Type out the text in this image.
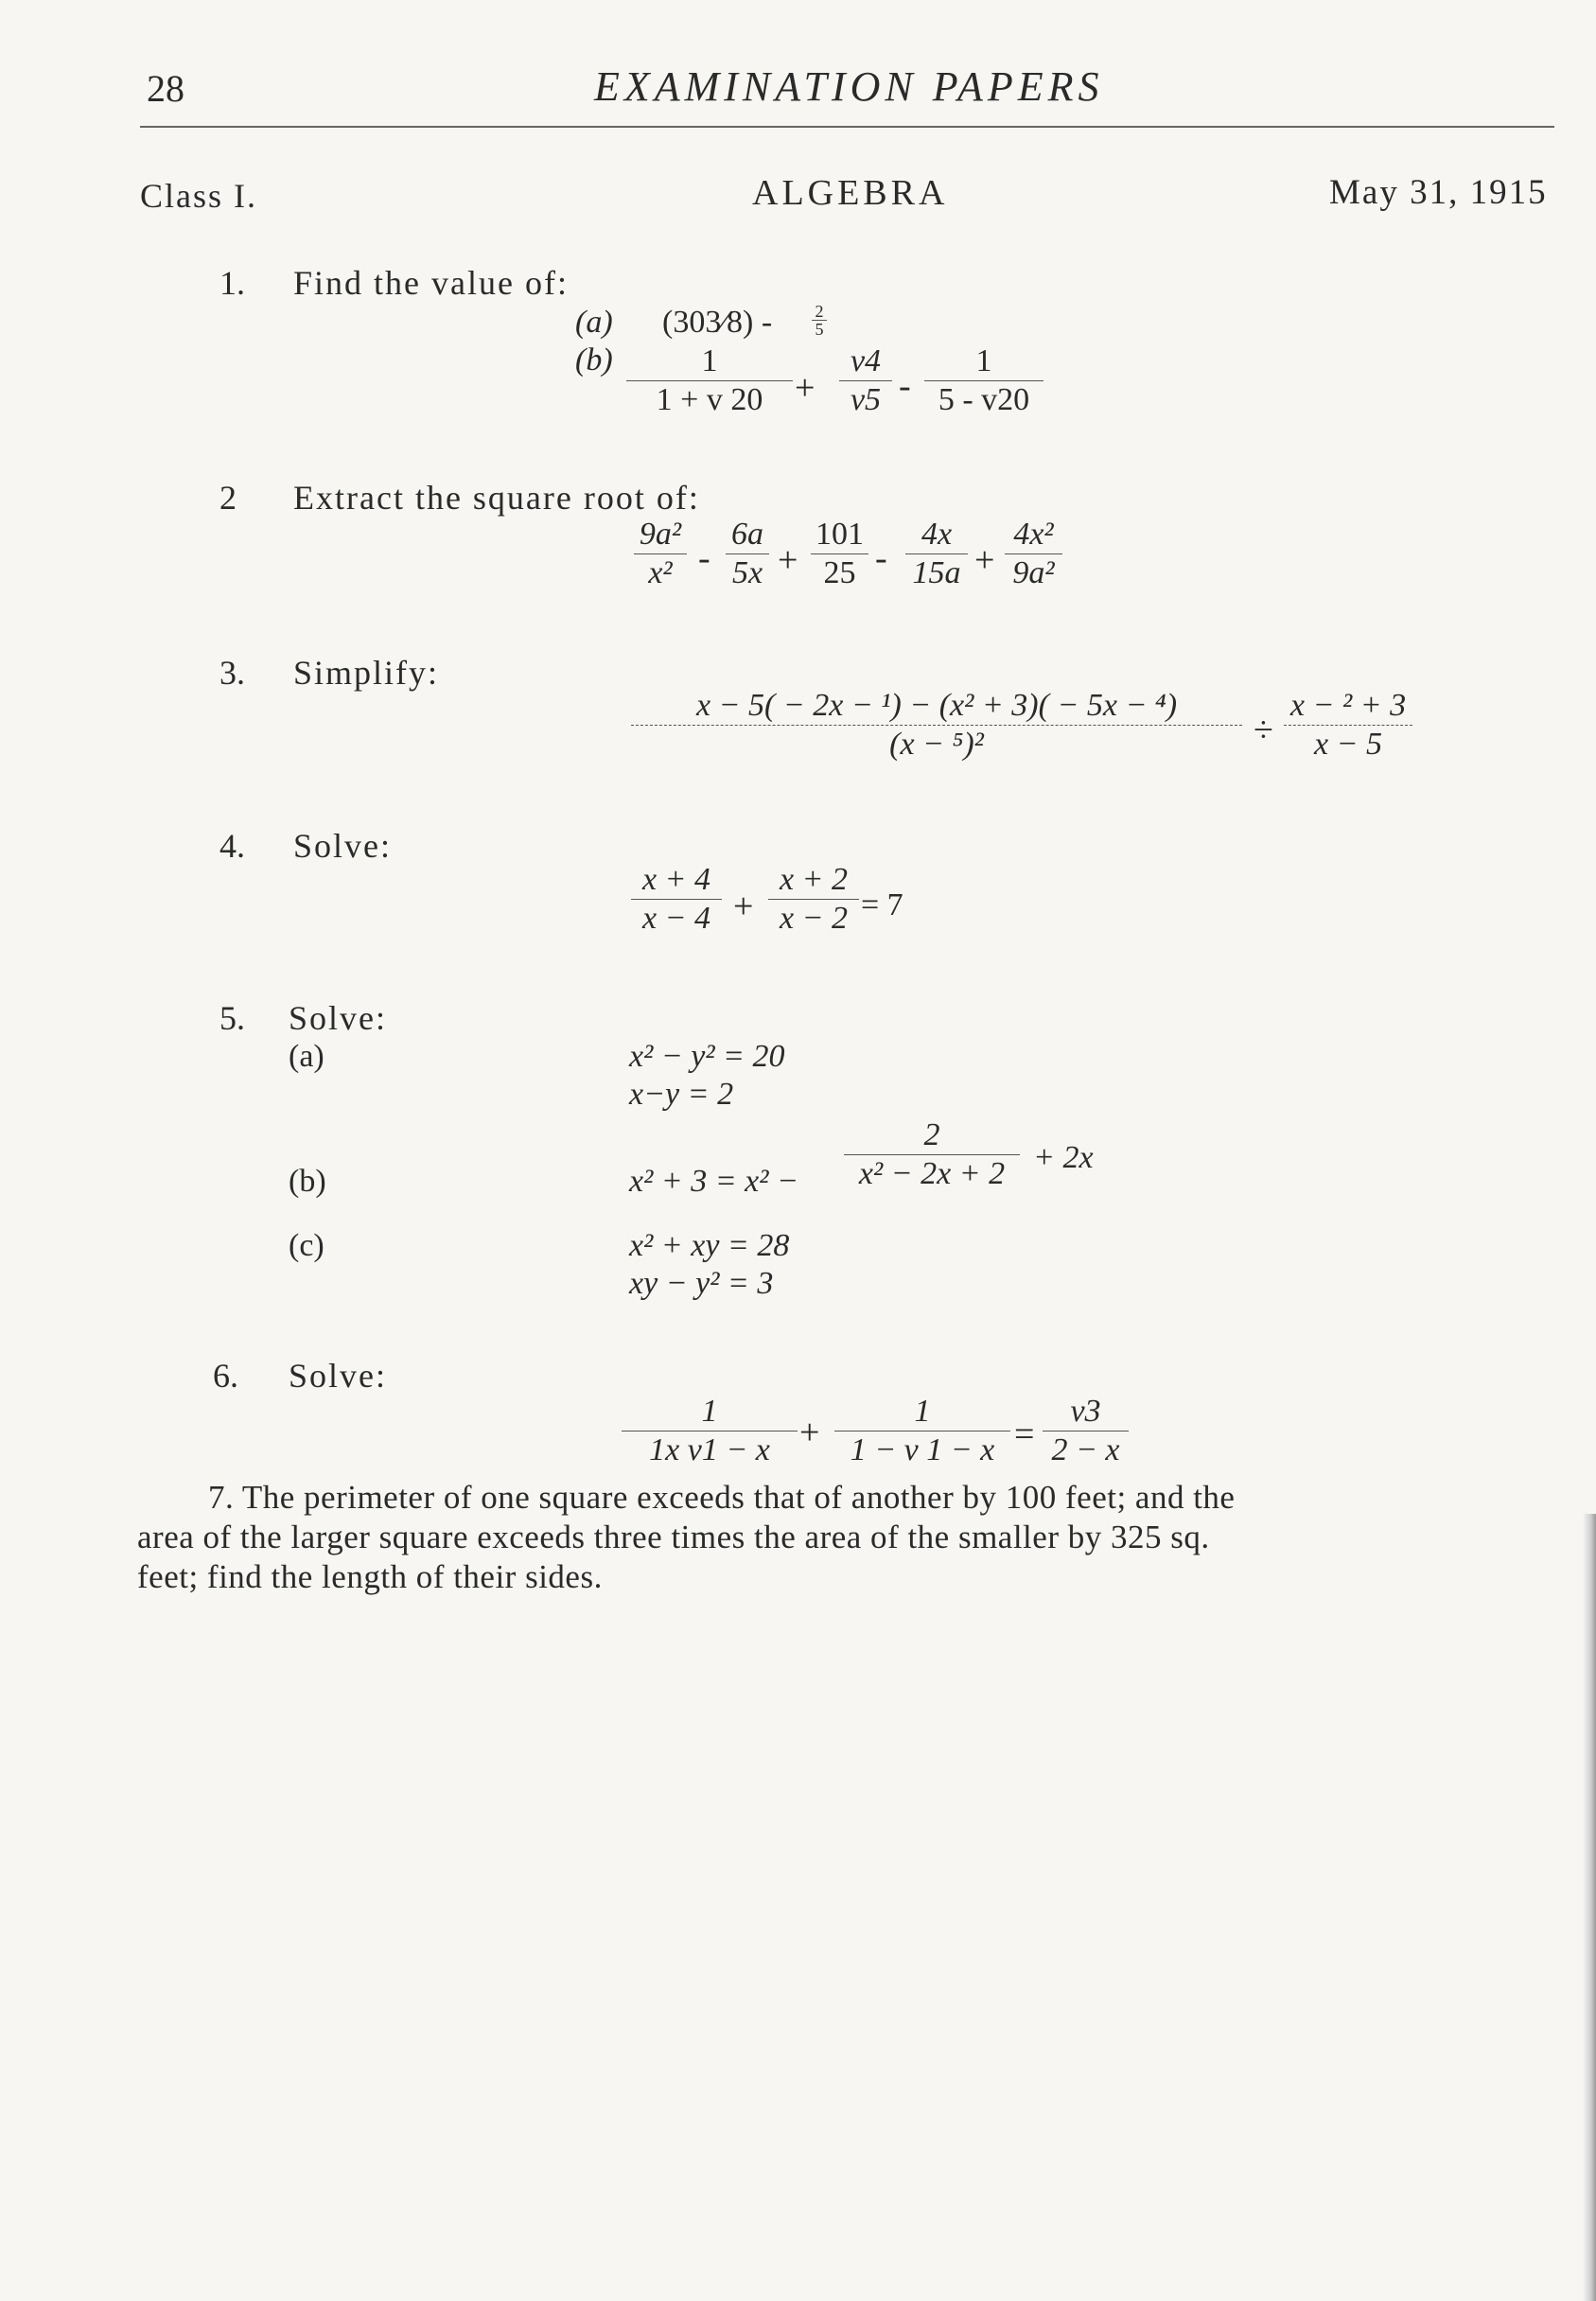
28	EXAMINATION PAPERS
Class I.	ALGEBRA	May 31, 1915
1. Find the value of:
(a) (303⁄8) -	2
5
(b)	1
1 + v 20 +
v4
v5 -
1
5 - v20
2 Extract the square root of:
9a²
x² -
6a
5x +
101
25 -
4x
15a +
4x²
9a²
3. Simplify:
x − 5( − 2x − ¹) − (x² + 3)( − 5x − ⁴)
(x − ⁵)²	÷
x − ² + 3
x − 5
4. Solve:
x + 4
x − 4 +
x + 2
x − 2 = 7
5. Solve:
(a)	x² − y² = 20
x−y = 2
(b)	x² + 3 = x² −
2
x² − 2x + 2 + 2x
(c)	x² + xy = 28
xy − y² = 3
6. Solve:
1
1x v1 − x +
1
1 − v 1 − x =
v3
2 − x
7. The perimeter of one square exceeds that of another by 100 feet; and the
area of the larger square exceeds three times the area of the smaller by 325 sq.
feet; find the length of their sides.
